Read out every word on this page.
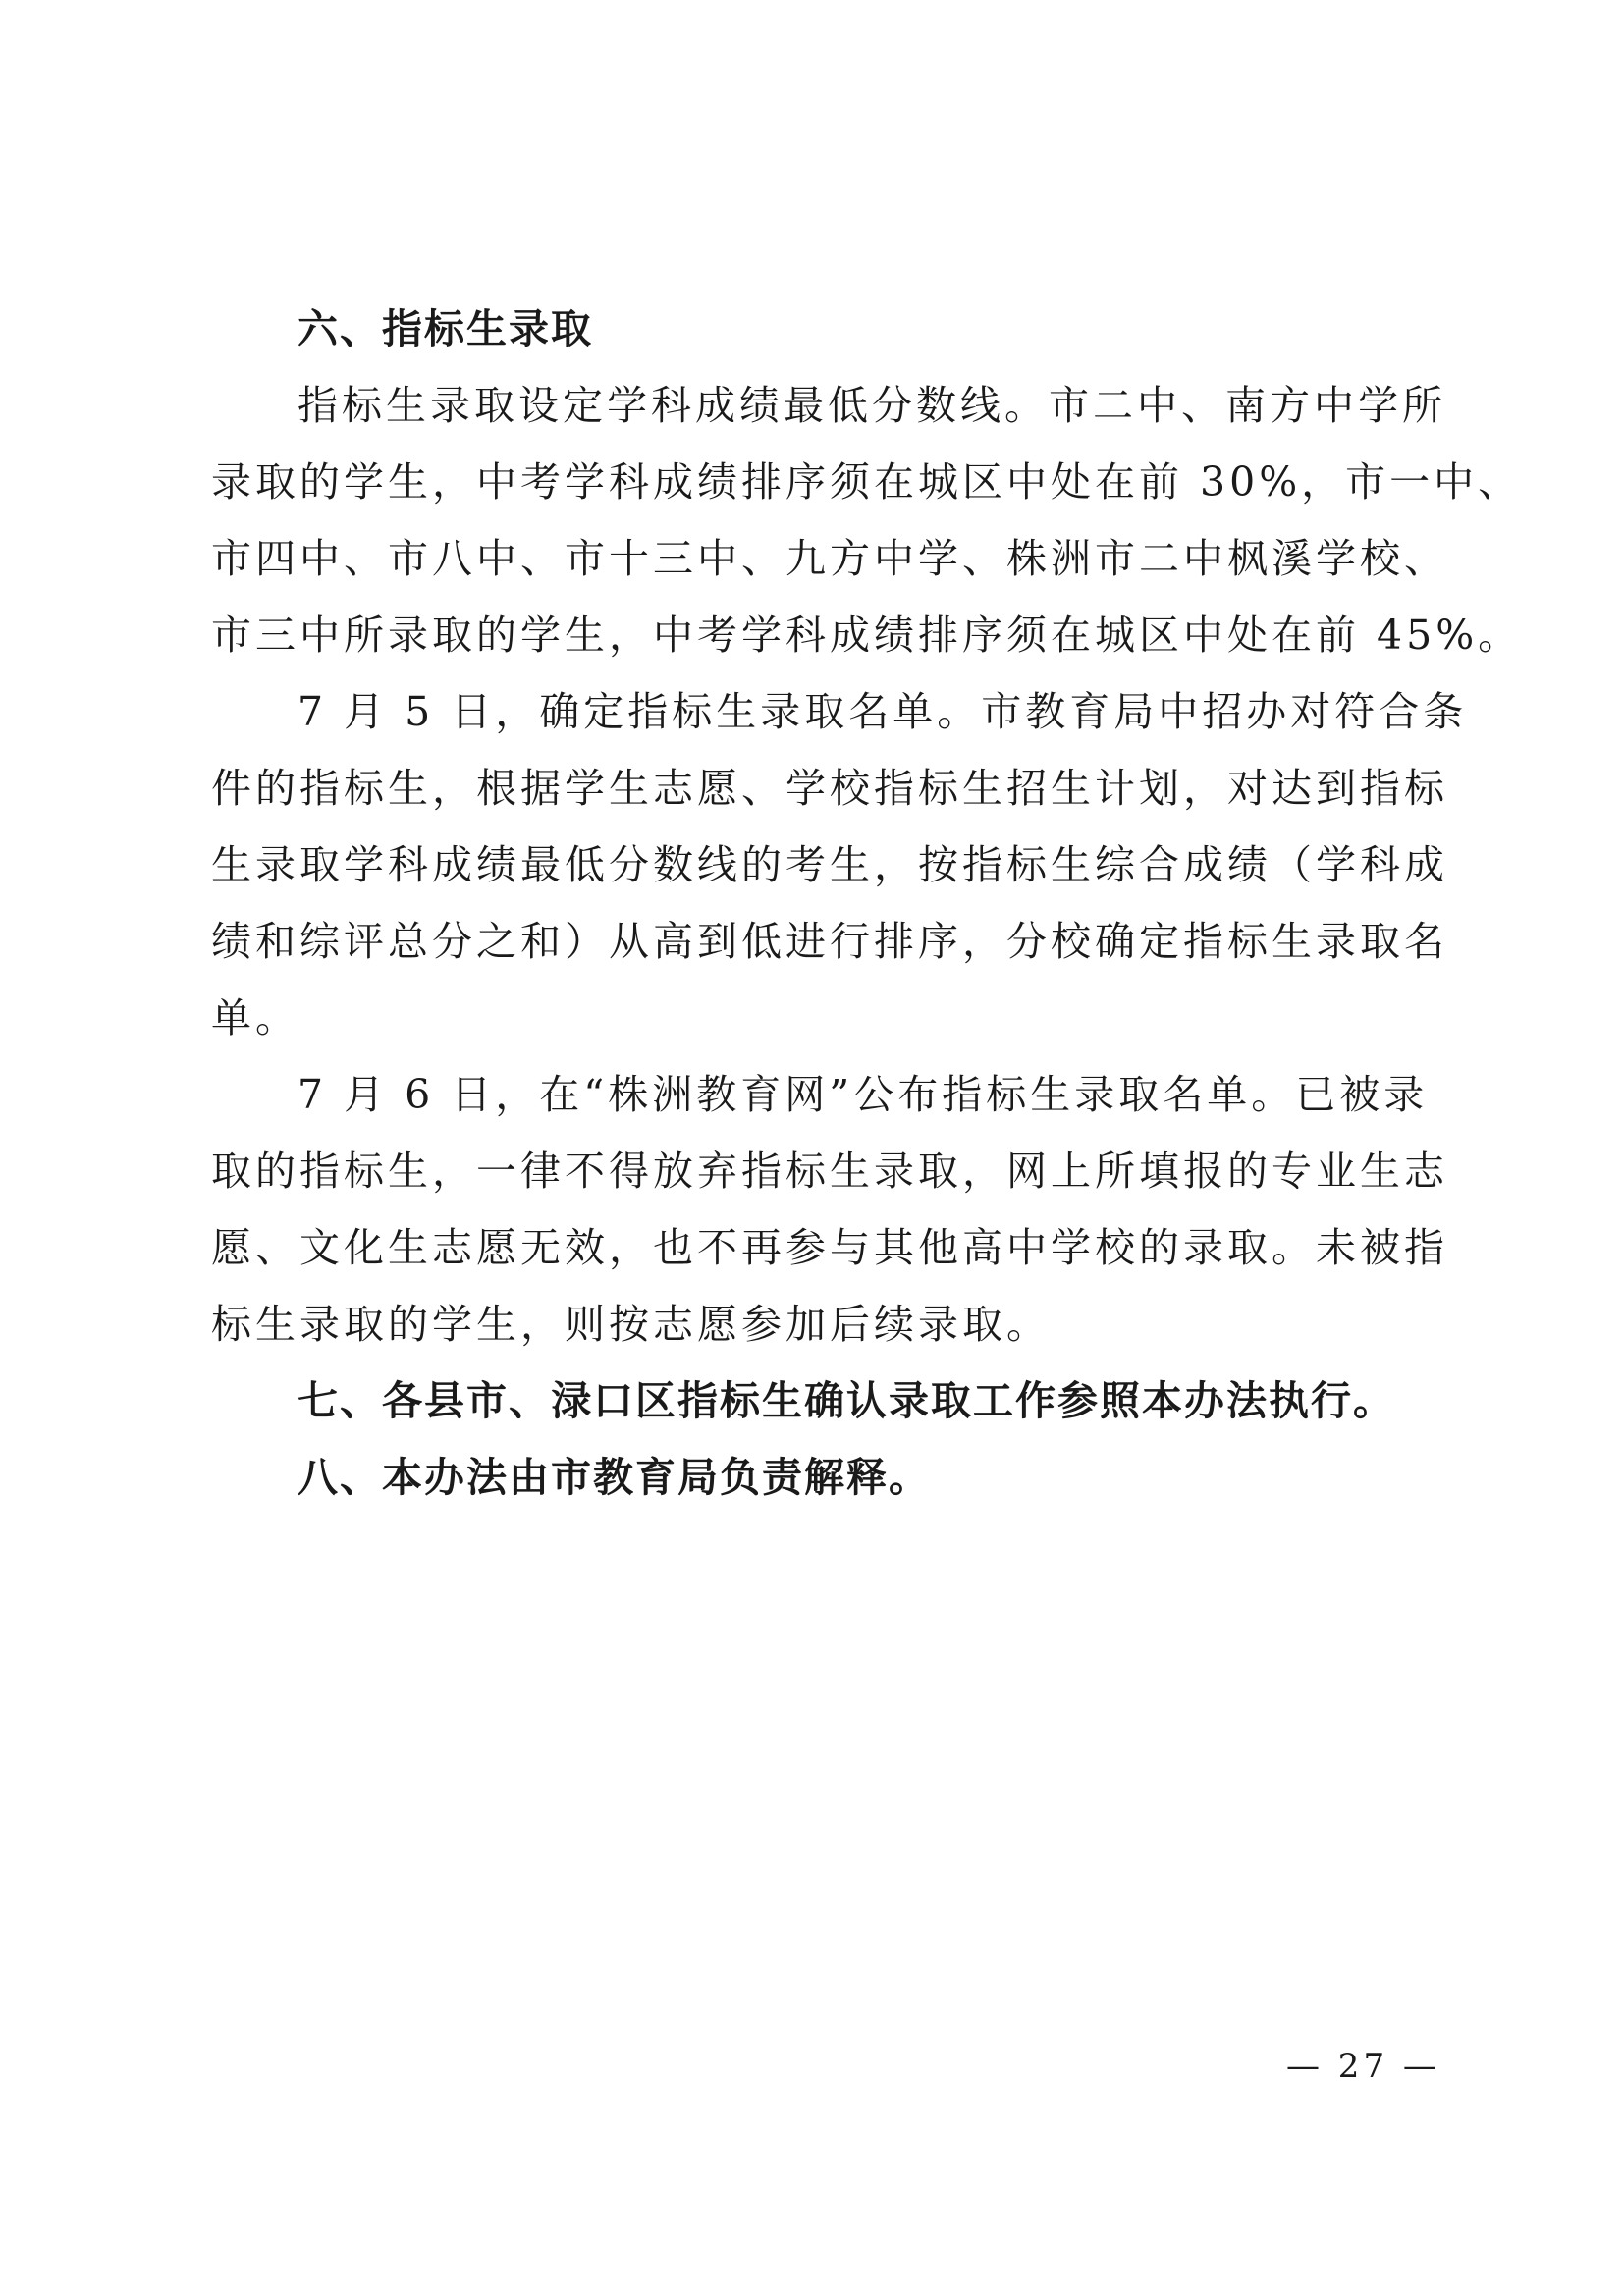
六、指标生录取
指标生录取设定学科成绩最低分数线。市二中、南方中学所
录取的学生，中考学科成绩排序须在城区中处在前 30%，市一中、
市四中、市八中、市十三中、九方中学、株洲市二中枫溪学校、
市三中所录取的学生，中考学科成绩排序须在城区中处在前 45%。
7 月 5 日，确定指标生录取名单。市教育局中招办对符合条
件的指标生，根据学生志愿、学校指标生招生计划，对达到指标
生录取学科成绩最低分数线的考生，按指标生综合成绩（学科成
绩和综评总分之和）从高到低进行排序，分校确定指标生录取名
单。
7 月 6 日，在“株洲教育网”公布指标生录取名单。已被录
取的指标生，一律不得放弃指标生录取，网上所填报的专业生志
愿、文化生志愿无效，也不再参与其他高中学校的录取。未被指
标生录取的学生，则按志愿参加后续录取。
七、各县市、渌口区指标生确认录取工作参照本办法执行。
八、本办法由市教育局负责解释。
— 27 —
